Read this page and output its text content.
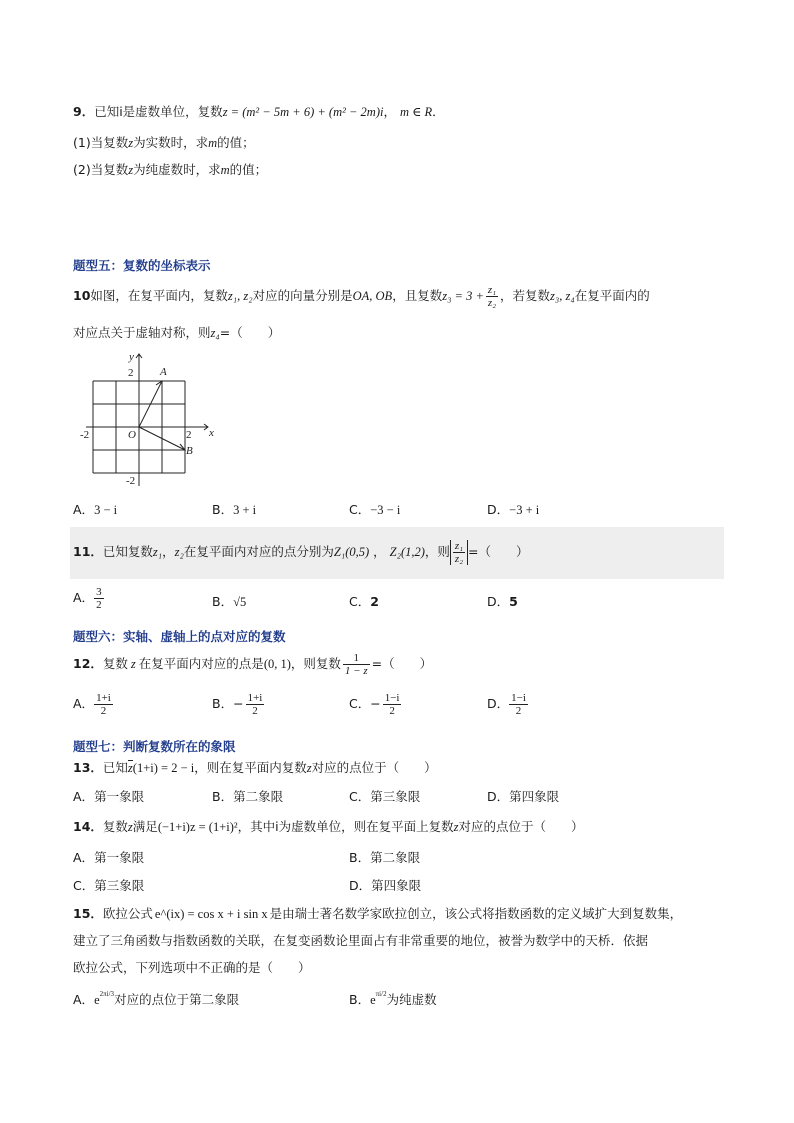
9．已知i是虚数单位，复数z = (m² − 5m + 6) + (m² − 2m)i， m ∈ R．
(1)当复数z为实数时，求m的值；
(2)当复数z为纯虚数时，求m的值；
题型五：复数的坐标表示
10如图，在复平面内，复数z₁, z₂对应的向量分别是OA, OB，且复数$z_3 = 3 + \frac{\text{z₁}}{\text{z₂}}$ ，若复数z₃, z₄在复平面内的
对应点关于虚轴对称，则z₄=（　　）
y
x
O
2
-2
2
-2
A
B
A．3 − i	B．3 + i	C．−3 − i	D．−3 + i
11．已知复数z₁，z₂在复平面内对应的点分别为Z₁(0,5) ， Z₂(1,2)，则 $\frac{\text{z₁}}{\text{z₂}}$ =（　　）
A． $\frac{3}{2}$	B．√5	C．2	D．5
题型六：实轴、虚轴上的点对应的复数
12．复数 z 在复平面内对应的点是(0, 1)，则复数 $\frac{1}{1 - z}$ =（　　）
A． $\frac{1+i}{2}$	B．− $\frac{1+i}{2}$	C．− $\frac{1-i}{2}$	D． $\frac{1-i}{2}$
题型七：判断复数所在的象限
13．已知z(1+i) = 2 − i，则在复平面内复数z对应的点位于（　　）
A．第一象限	B．第二象限	C．第三象限	D．第四象限
14．复数z满足(−1+i)z = (1+i)²，其中i为虚数单位，则在复平面上复数z对应的点位于（　　）
A．第一象限	B．第二象限
C．第三象限	D．第四象限
15．欧拉公式 e^(ix) = cos x + i sin x 是由瑞士著名数学家欧拉创立，该公式将指数函数的定义域扩大到复数集，
建立了三角函数与指数函数的关联，在复变函数论里面占有非常重要的地位，被誉为数学中的天桥．依据
欧拉公式，下列选项中不正确的是（　　）
A．$e^{2\pi i/3}$对应的点位于第二象限	B．$e^{\pi i/2}$为纯虚数
